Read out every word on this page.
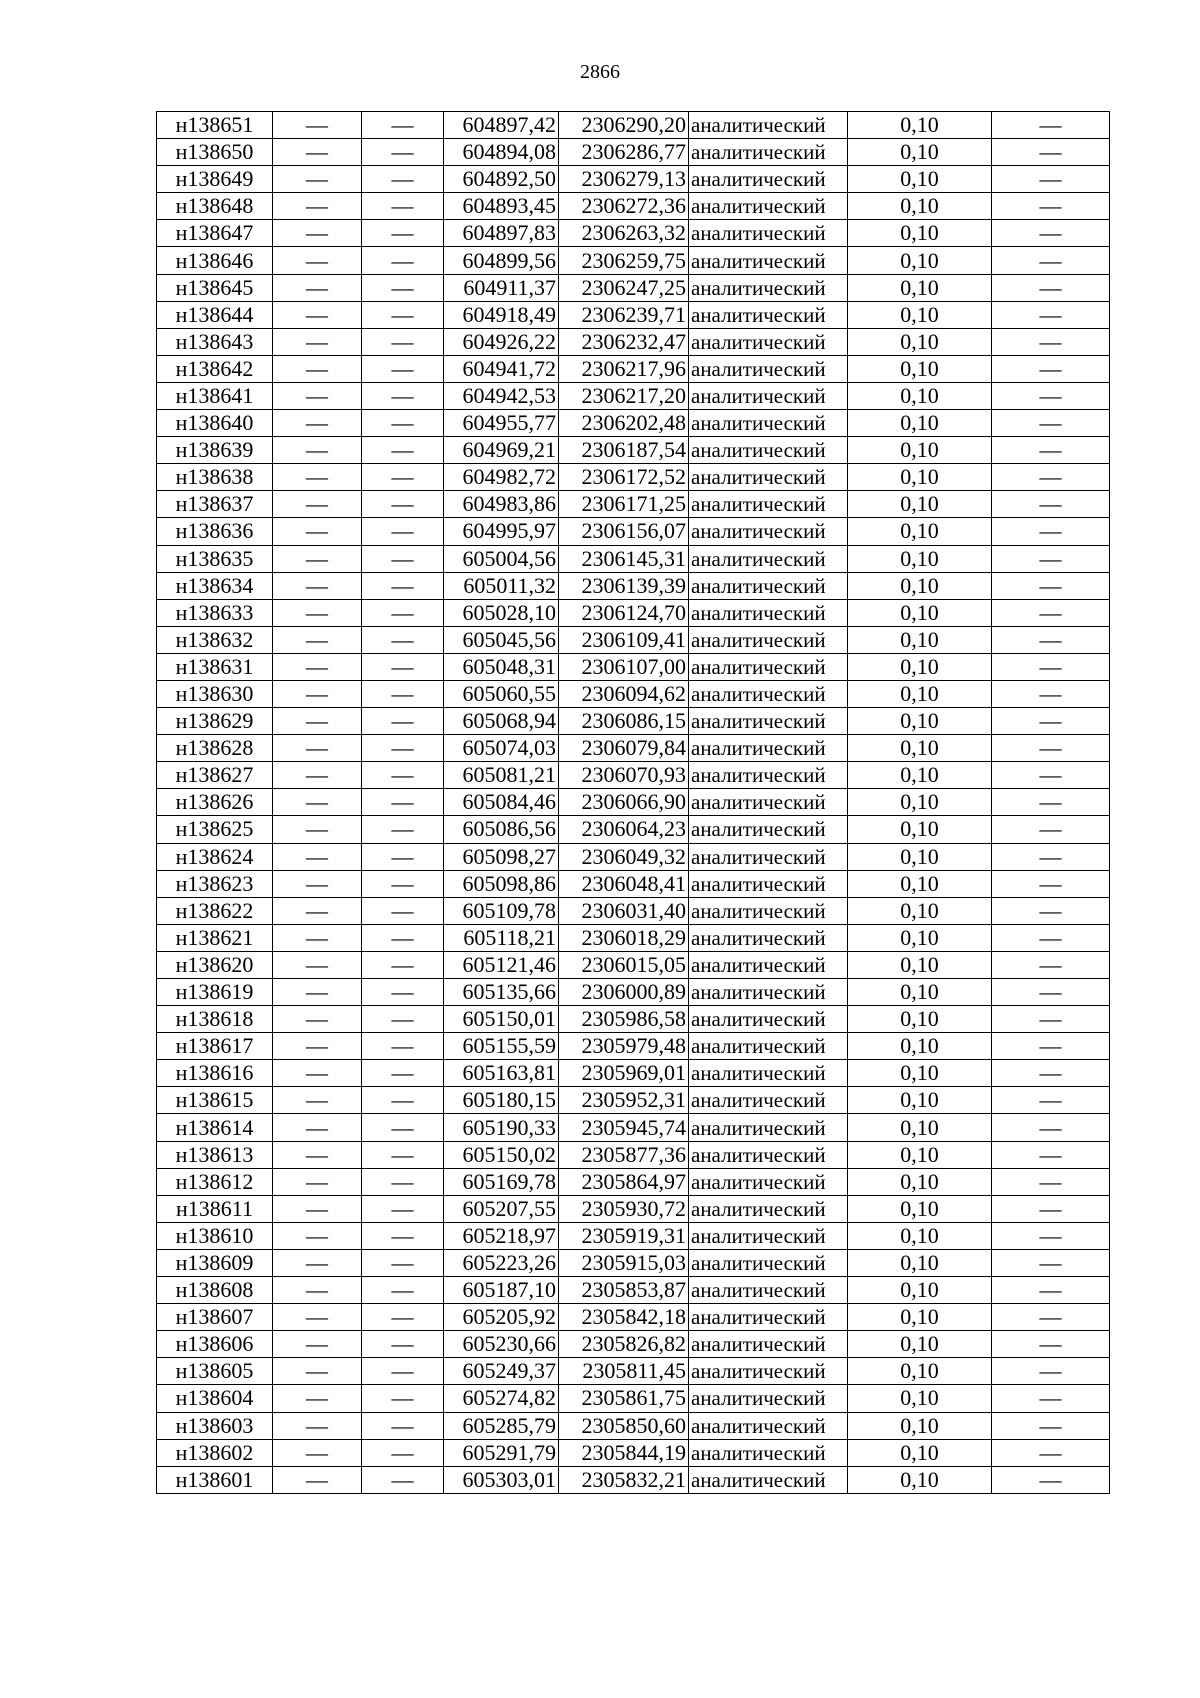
2866
н138651	—	—	604897,42	2306290,20	аналитический	0,10	—
н138650	—	—	604894,08	2306286,77	аналитический	0,10	—
н138649	—	—	604892,50	2306279,13	аналитический	0,10	—
н138648	—	—	604893,45	2306272,36	аналитический	0,10	—
н138647	—	—	604897,83	2306263,32	аналитический	0,10	—
н138646	—	—	604899,56	2306259,75	аналитический	0,10	—
н138645	—	—	604911,37	2306247,25	аналитический	0,10	—
н138644	—	—	604918,49	2306239,71	аналитический	0,10	—
н138643	—	—	604926,22	2306232,47	аналитический	0,10	—
н138642	—	—	604941,72	2306217,96	аналитический	0,10	—
н138641	—	—	604942,53	2306217,20	аналитический	0,10	—
н138640	—	—	604955,77	2306202,48	аналитический	0,10	—
н138639	—	—	604969,21	2306187,54	аналитический	0,10	—
н138638	—	—	604982,72	2306172,52	аналитический	0,10	—
н138637	—	—	604983,86	2306171,25	аналитический	0,10	—
н138636	—	—	604995,97	2306156,07	аналитический	0,10	—
н138635	—	—	605004,56	2306145,31	аналитический	0,10	—
н138634	—	—	605011,32	2306139,39	аналитический	0,10	—
н138633	—	—	605028,10	2306124,70	аналитический	0,10	—
н138632	—	—	605045,56	2306109,41	аналитический	0,10	—
н138631	—	—	605048,31	2306107,00	аналитический	0,10	—
н138630	—	—	605060,55	2306094,62	аналитический	0,10	—
н138629	—	—	605068,94	2306086,15	аналитический	0,10	—
н138628	—	—	605074,03	2306079,84	аналитический	0,10	—
н138627	—	—	605081,21	2306070,93	аналитический	0,10	—
н138626	—	—	605084,46	2306066,90	аналитический	0,10	—
н138625	—	—	605086,56	2306064,23	аналитический	0,10	—
н138624	—	—	605098,27	2306049,32	аналитический	0,10	—
н138623	—	—	605098,86	2306048,41	аналитический	0,10	—
н138622	—	—	605109,78	2306031,40	аналитический	0,10	—
н138621	—	—	605118,21	2306018,29	аналитический	0,10	—
н138620	—	—	605121,46	2306015,05	аналитический	0,10	—
н138619	—	—	605135,66	2306000,89	аналитический	0,10	—
н138618	—	—	605150,01	2305986,58	аналитический	0,10	—
н138617	—	—	605155,59	2305979,48	аналитический	0,10	—
н138616	—	—	605163,81	2305969,01	аналитический	0,10	—
н138615	—	—	605180,15	2305952,31	аналитический	0,10	—
н138614	—	—	605190,33	2305945,74	аналитический	0,10	—
н138613	—	—	605150,02	2305877,36	аналитический	0,10	—
н138612	—	—	605169,78	2305864,97	аналитический	0,10	—
н138611	—	—	605207,55	2305930,72	аналитический	0,10	—
н138610	—	—	605218,97	2305919,31	аналитический	0,10	—
н138609	—	—	605223,26	2305915,03	аналитический	0,10	—
н138608	—	—	605187,10	2305853,87	аналитический	0,10	—
н138607	—	—	605205,92	2305842,18	аналитический	0,10	—
н138606	—	—	605230,66	2305826,82	аналитический	0,10	—
н138605	—	—	605249,37	2305811,45	аналитический	0,10	—
н138604	—	—	605274,82	2305861,75	аналитический	0,10	—
н138603	—	—	605285,79	2305850,60	аналитический	0,10	—
н138602	—	—	605291,79	2305844,19	аналитический	0,10	—
н138601	—	—	605303,01	2305832,21	аналитический	0,10	—
